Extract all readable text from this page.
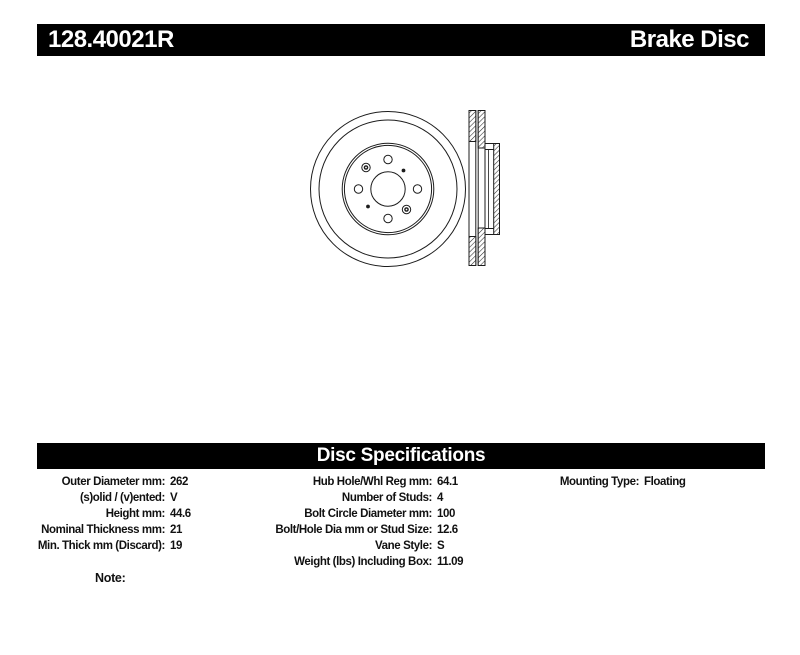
128.40021R	Brake Disc
Disc Specifications
Outer Diameter mm: 262
(s)olid / (v)ented: V
Height mm: 44.6
Nominal Thickness mm: 21
Min. Thick mm (Discard): 19
Hub Hole/Whl Reg mm: 64.1
Number of Studs: 4
Bolt Circle Diameter mm: 100
Bolt/Hole Dia mm or Stud Size: 12.6
Vane Style: S
Weight (lbs) Including Box: 11.09
Mounting Type: Floating
Note:
